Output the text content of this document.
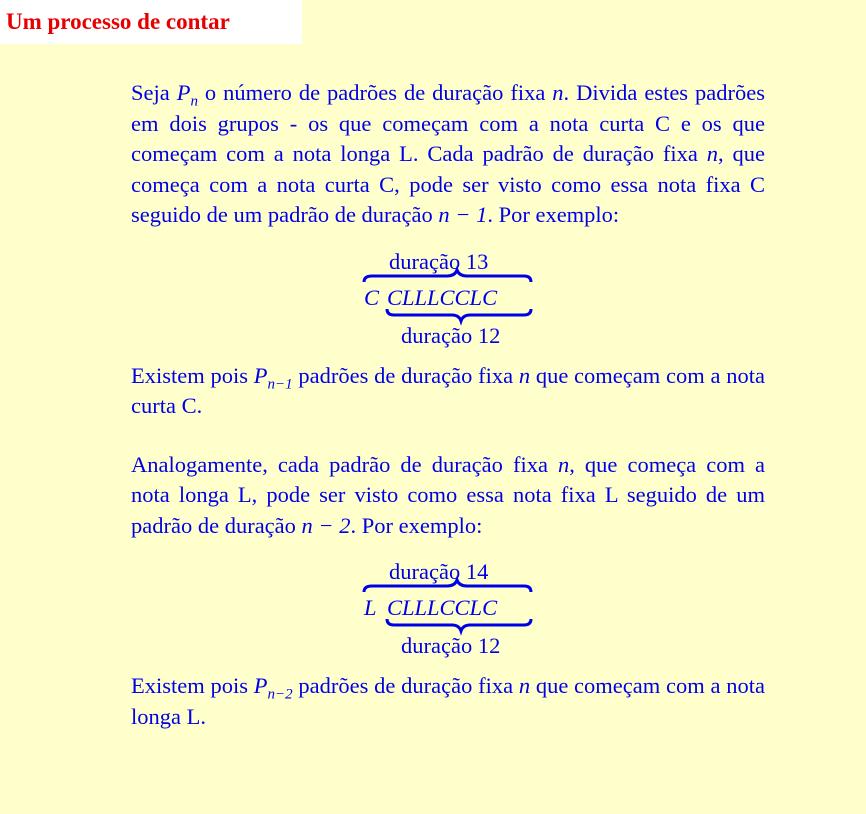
Um processo de contar

Seja $P_n$ o número de padrões de duração fixa n. Divida estes padrões em dois grupos - os que começam com a nota curta C e os que começam com a nota longa L. Cada padrão de duração fixa n, que começa com a nota curta C, pode ser visto como essa nota fixa C seguido de um padrão de duração n − 1. Por exemplo:

duração 13
C CLLLCCLC
duração 12

Existem pois $P_{n-1}$ padrões de duração fixa n que começam com a nota curta C.

Analogamente, cada padrão de duração fixa n, que começa com a nota longa L, pode ser visto como essa nota fixa L seguido de um padrão de duração n − 2. Por exemplo:

duração 14
L CLLLCCLC
duração 12

Existem pois $P_{n-2}$ padrões de duração fixa n que começam com a nota longa L.
